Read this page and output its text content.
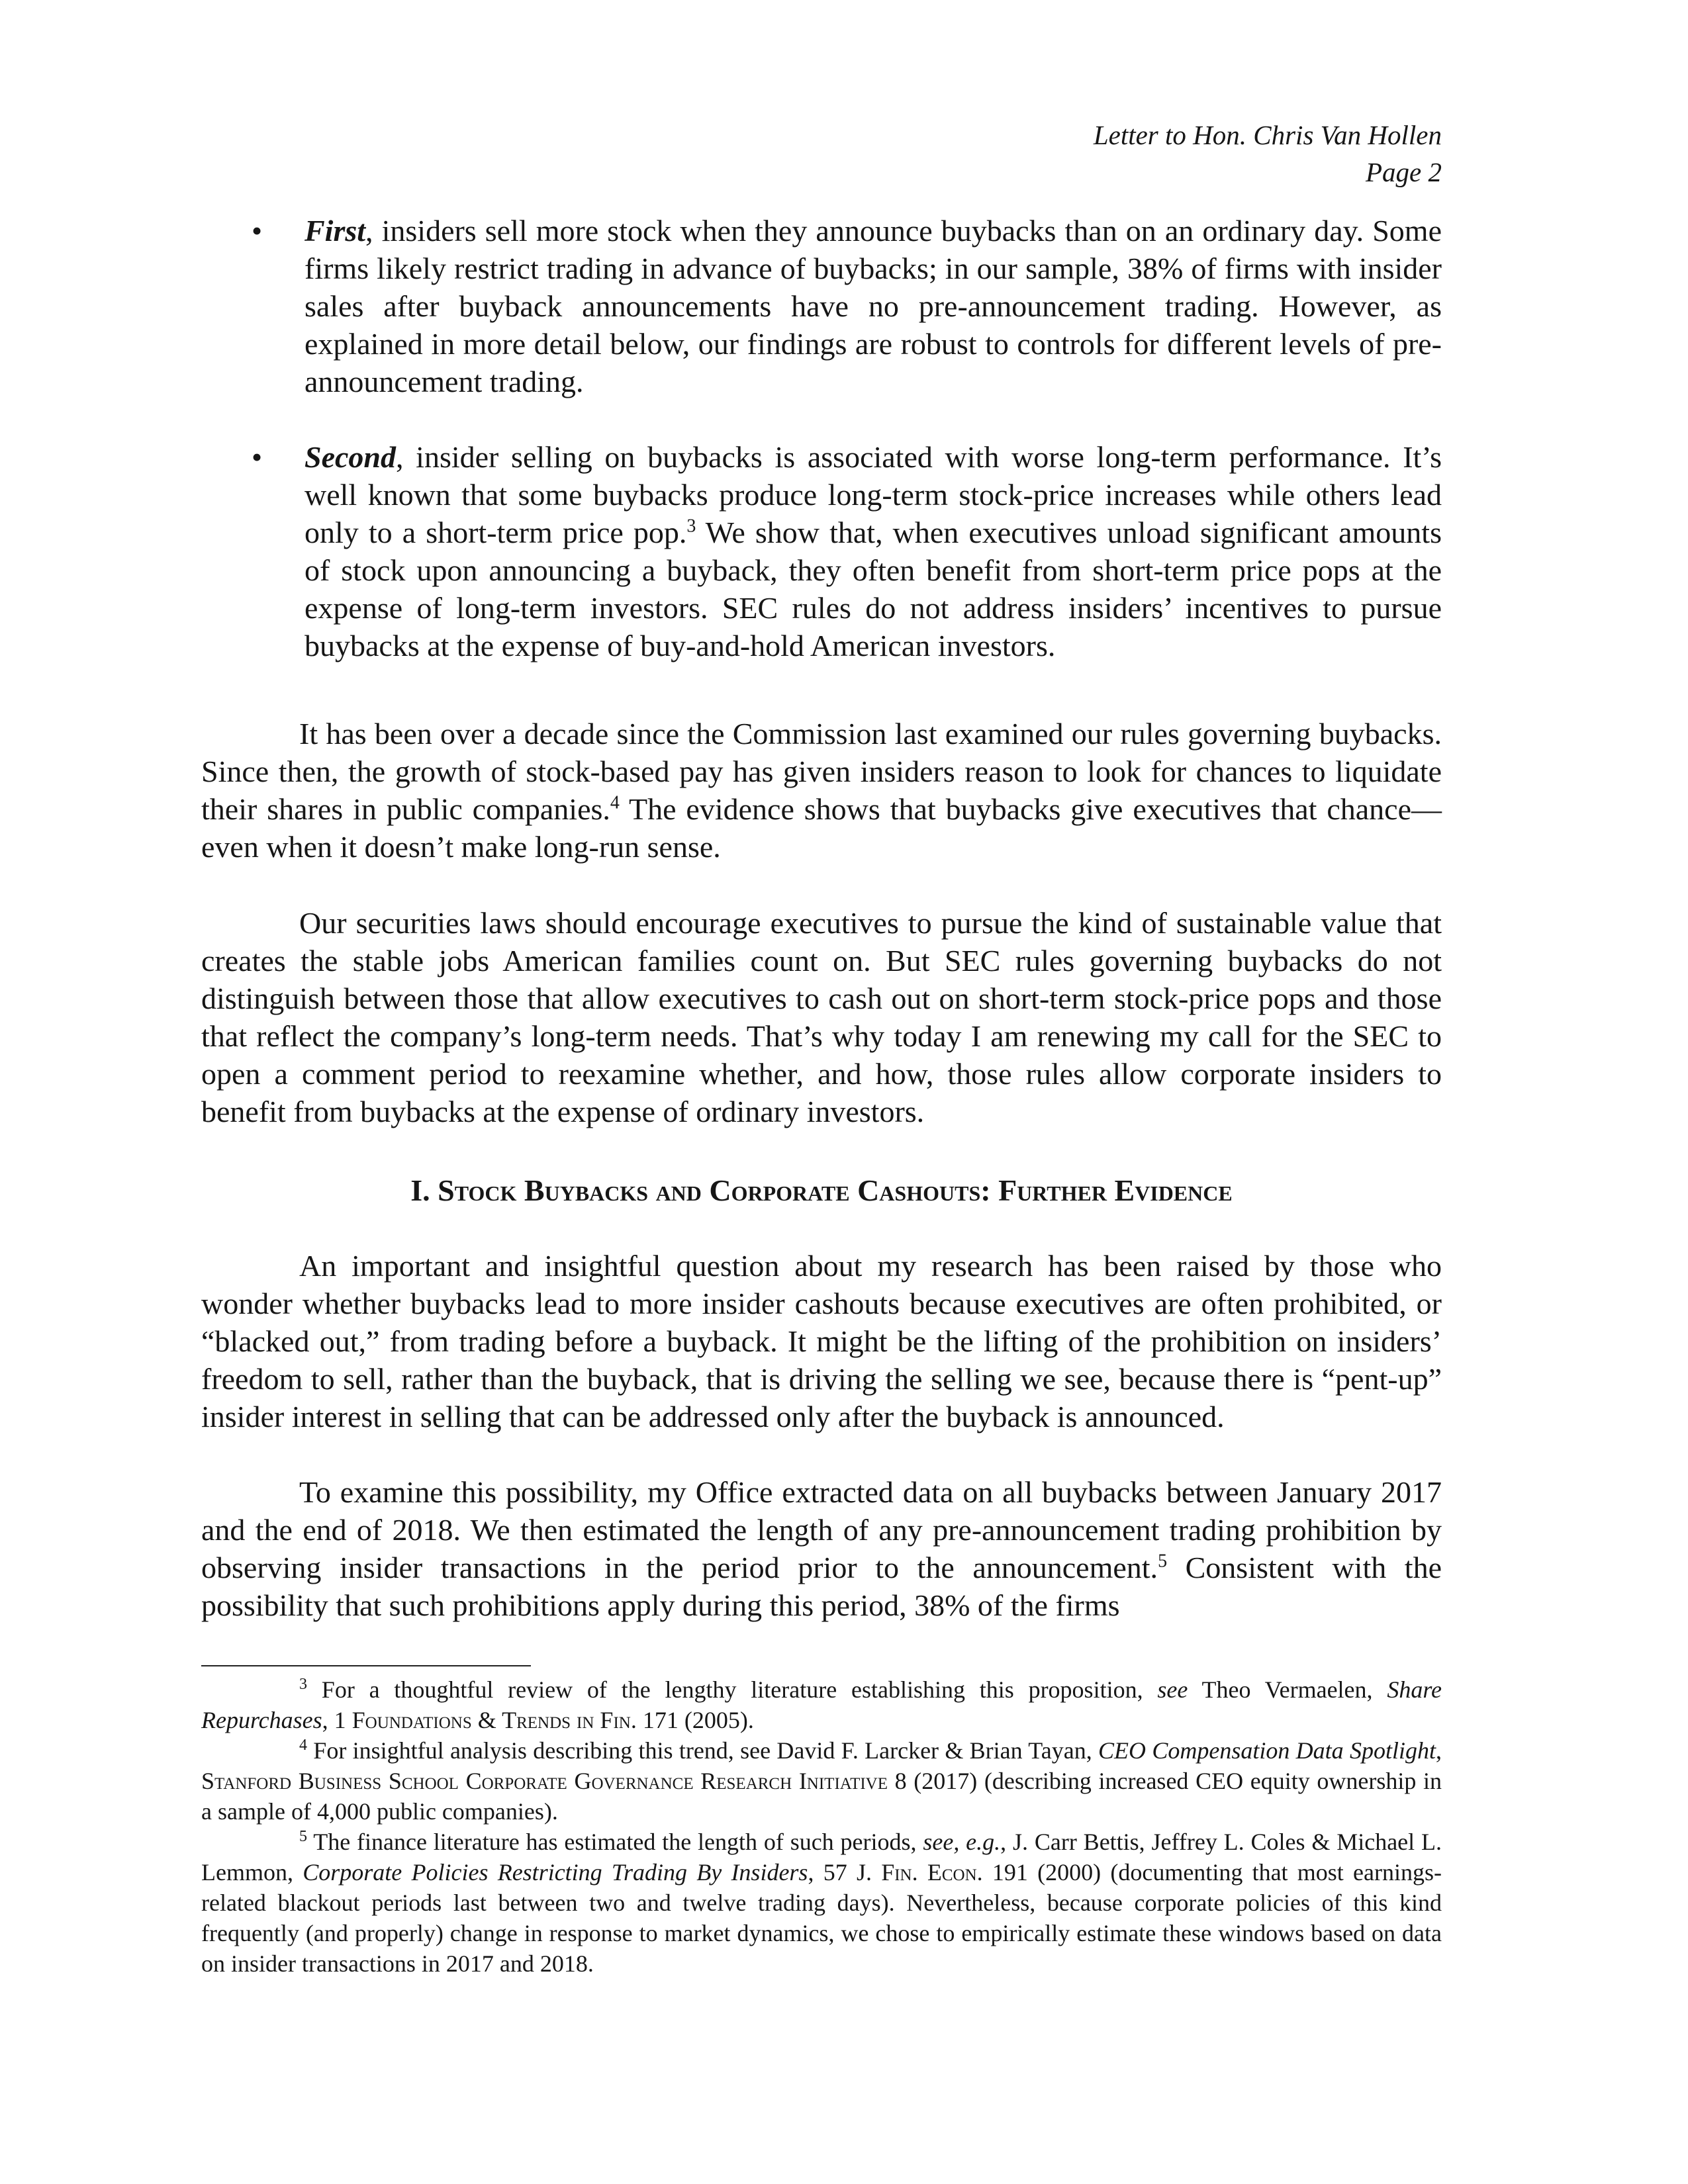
Letter to Hon. Chris Van Hollen
Page 2
• First, insiders sell more stock when they announce buybacks than on an ordinary day. Some firms likely restrict trading in advance of buybacks; in our sample, 38% of firms with insider sales after buyback announcements have no pre-announcement trading. However, as explained in more detail below, our findings are robust to controls for different levels of pre-announcement trading.
• Second, insider selling on buybacks is associated with worse long-term performance. It’s well known that some buybacks produce long-term stock-price increases while others lead only to a short-term price pop.$^3$ We show that, when executives unload significant amounts of stock upon announcing a buyback, they often benefit from short-term price pops at the expense of long-term investors. SEC rules do not address insiders’ incentives to pursue buybacks at the expense of buy-and-hold American investors.

It has been over a decade since the Commission last examined our rules governing buybacks. Since then, the growth of stock-based pay has given insiders reason to look for chances to liquidate their shares in public companies.$^4$ The evidence shows that buybacks give executives that chance—even when it doesn’t make long-run sense.

Our securities laws should encourage executives to pursue the kind of sustainable value that creates the stable jobs American families count on. But SEC rules governing buybacks do not distinguish between those that allow executives to cash out on short-term stock-price pops and those that reflect the company’s long-term needs. That’s why today I am renewing my call for the SEC to open a comment period to reexamine whether, and how, those rules allow corporate insiders to benefit from buybacks at the expense of ordinary investors.

I. Stock Buybacks and Corporate Cashouts: Further Evidence

An important and insightful question about my research has been raised by those who wonder whether buybacks lead to more insider cashouts because executives are often prohibited, or “blacked out,” from trading before a buyback. It might be the lifting of the prohibition on insiders’ freedom to sell, rather than the buyback, that is driving the selling we see, because there is “pent-up” insider interest in selling that can be addressed only after the buyback is announced.

To examine this possibility, my Office extracted data on all buybacks between January 2017 and the end of 2018. We then estimated the length of any pre-announcement trading prohibition by observing insider transactions in the period prior to the announcement.$^5$ Consistent with the possibility that such prohibitions apply during this period, 38% of the firms

$^3$ For a thoughtful review of the lengthy literature establishing this proposition, see Theo Vermaelen, Share Repurchases, 1 Foundations & Trends in Fin. 171 (2005).

$^4$ For insightful analysis describing this trend, see David F. Larcker & Brian Tayan, CEO Compensation Data Spotlight, Stanford Business School Corporate Governance Research Initiative 8 (2017) (describing increased CEO equity ownership in a sample of 4,000 public companies).

$^5$ The finance literature has estimated the length of such periods, see, e.g., J. Carr Bettis, Jeffrey L. Coles & Michael L. Lemmon, Corporate Policies Restricting Trading By Insiders, 57 J. Fin. Econ. 191 (2000) (documenting that most earnings-related blackout periods last between two and twelve trading days). Nevertheless, because corporate policies of this kind frequently (and properly) change in response to market dynamics, we chose to empirically estimate these windows based on data on insider transactions in 2017 and 2018.
